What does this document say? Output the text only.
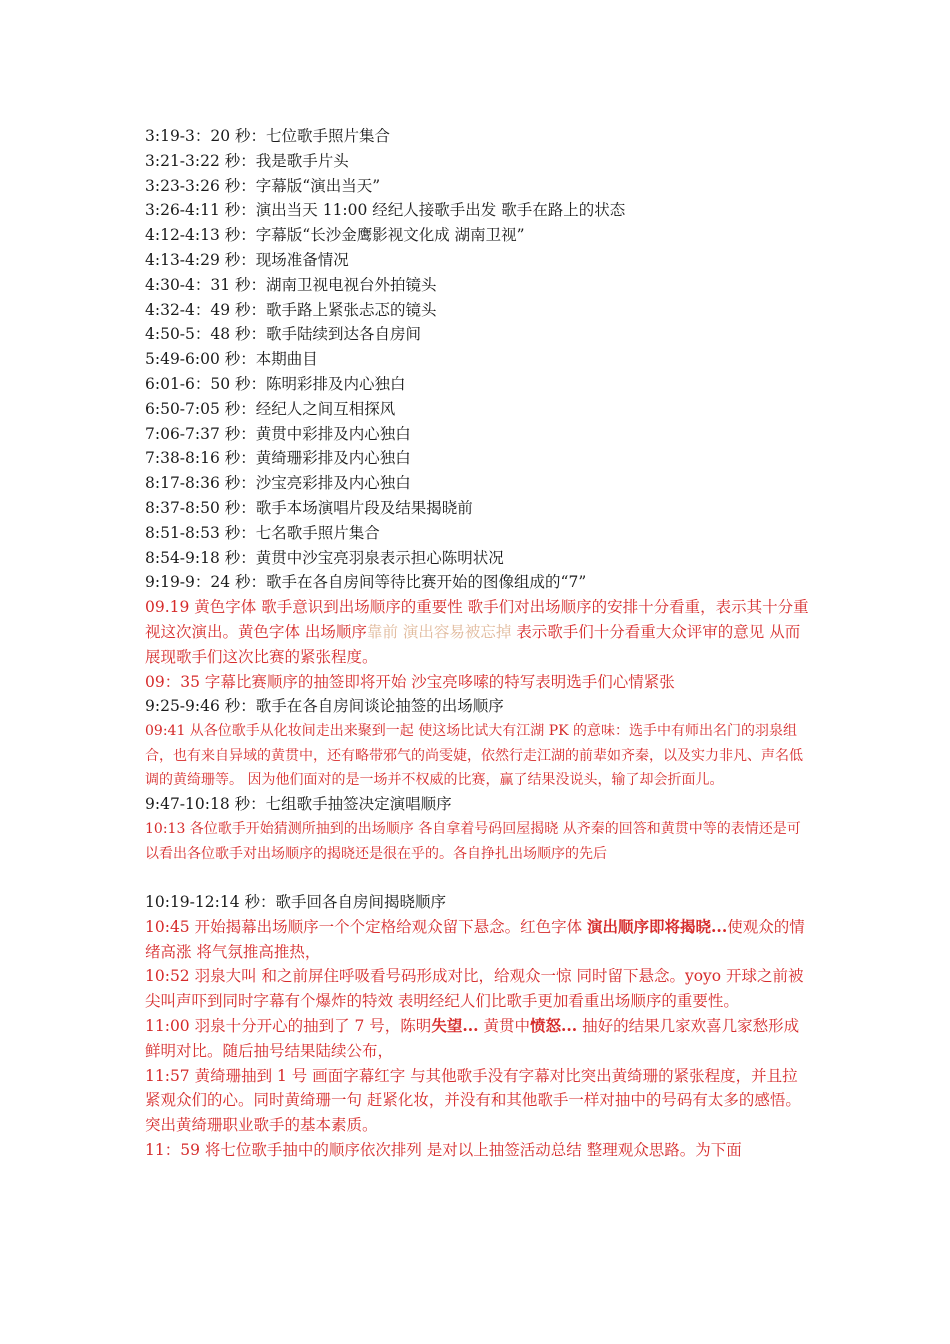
3:19-3：20 秒：七位歌手照片集合
3:21-3:22 秒：我是歌手片头
3:23-3:26 秒：字幕版“演出当天”
3:26-4:11 秒：演出当天 11:00 经纪人接歌手出发 歌手在路上的状态
4:12-4:13 秒：字幕版“长沙金鹰影视文化成 湖南卫视”
4:13-4:29 秒：现场准备情况
4:30-4：31 秒：湖南卫视电视台外拍镜头
4:32-4：49 秒：歌手路上紧张忐忑的镜头
4:50-5：48 秒：歌手陆续到达各自房间
5:49-6:00 秒：本期曲目
6:01-6：50 秒：陈明彩排及内心独白
6:50-7:05 秒：经纪人之间互相探风
7:06-7:37 秒：黄贯中彩排及内心独白
7:38-8:16 秒：黄绮珊彩排及内心独白
8:17-8:36 秒：沙宝亮彩排及内心独白
8:37-8:50 秒：歌手本场演唱片段及结果揭晓前
8:51-8:53 秒：七名歌手照片集合
8:54-9:18 秒：黄贯中沙宝亮羽泉表示担心陈明状况
9:19-9：24 秒：歌手在各自房间等待比赛开始的图像组成的“7”
09.19 黄色字体 歌手意识到出场顺序的重要性 歌手们对出场顺序的安排十分看重，表示其十分重视这次演出。黄色字体 出场顺序靠前 演出容易被忘掉 表示歌手们十分看重大众评审的意见 从而展现歌手们这次比赛的紧张程度。
09：35 字幕比赛顺序的抽签即将开始 沙宝亮哆嗦的特写表明选手们心情紧张
9:25-9:46 秒：歌手在各自房间谈论抽签的出场顺序
09:41 从各位歌手从化妆间走出来聚到一起 使这场比试大有江湖 PK 的意味：选手中有师出名门的羽泉组合，也有来自异域的黄贯中，还有略带邪气的尚雯婕，依然行走江湖的前辈如齐秦，以及实力非凡、声名低调的黄绮珊等。 因为他们面对的是一场并不权威的比赛，赢了结果没说头，输了却会折面儿。
9:47-10:18 秒：七组歌手抽签决定演唱顺序
10:13 各位歌手开始猜测所抽到的出场顺序 各自拿着号码回屋揭晓 从齐秦的回答和黄贯中等的表情还是可以看出各位歌手对出场顺序的揭晓还是很在乎的。各自挣扎出场顺序的先后
10:19-12:14 秒：歌手回各自房间揭晓顺序
10:45 开始揭幕出场顺序一个个定格给观众留下悬念。红色字体 演出顺序即将揭晓...使观众的情绪高涨 将气氛推高推热，
10:52 羽泉大叫 和之前屏住呼吸看号码形成对比，给观众一惊 同时留下悬念。yoyo 开球之前被尖叫声吓到同时字幕有个爆炸的特效 表明经纪人们比歌手更加看重出场顺序的重要性。
11:00 羽泉十分开心的抽到了 7 号，陈明失望... 黄贯中愤怒... 抽好的结果几家欢喜几家愁形成鲜明对比。随后抽号结果陆续公布，
11:57 黄绮珊抽到 1 号 画面字幕红字 与其他歌手没有字幕对比突出黄绮珊的紧张程度，并且拉紧观众们的心。同时黄绮珊一句 赶紧化妆，并没有和其他歌手一样对抽中的号码有太多的感悟。突出黄绮珊职业歌手的基本素质。
11：59 将七位歌手抽中的顺序依次排列 是对以上抽签活动总结 整理观众思路。为下面
